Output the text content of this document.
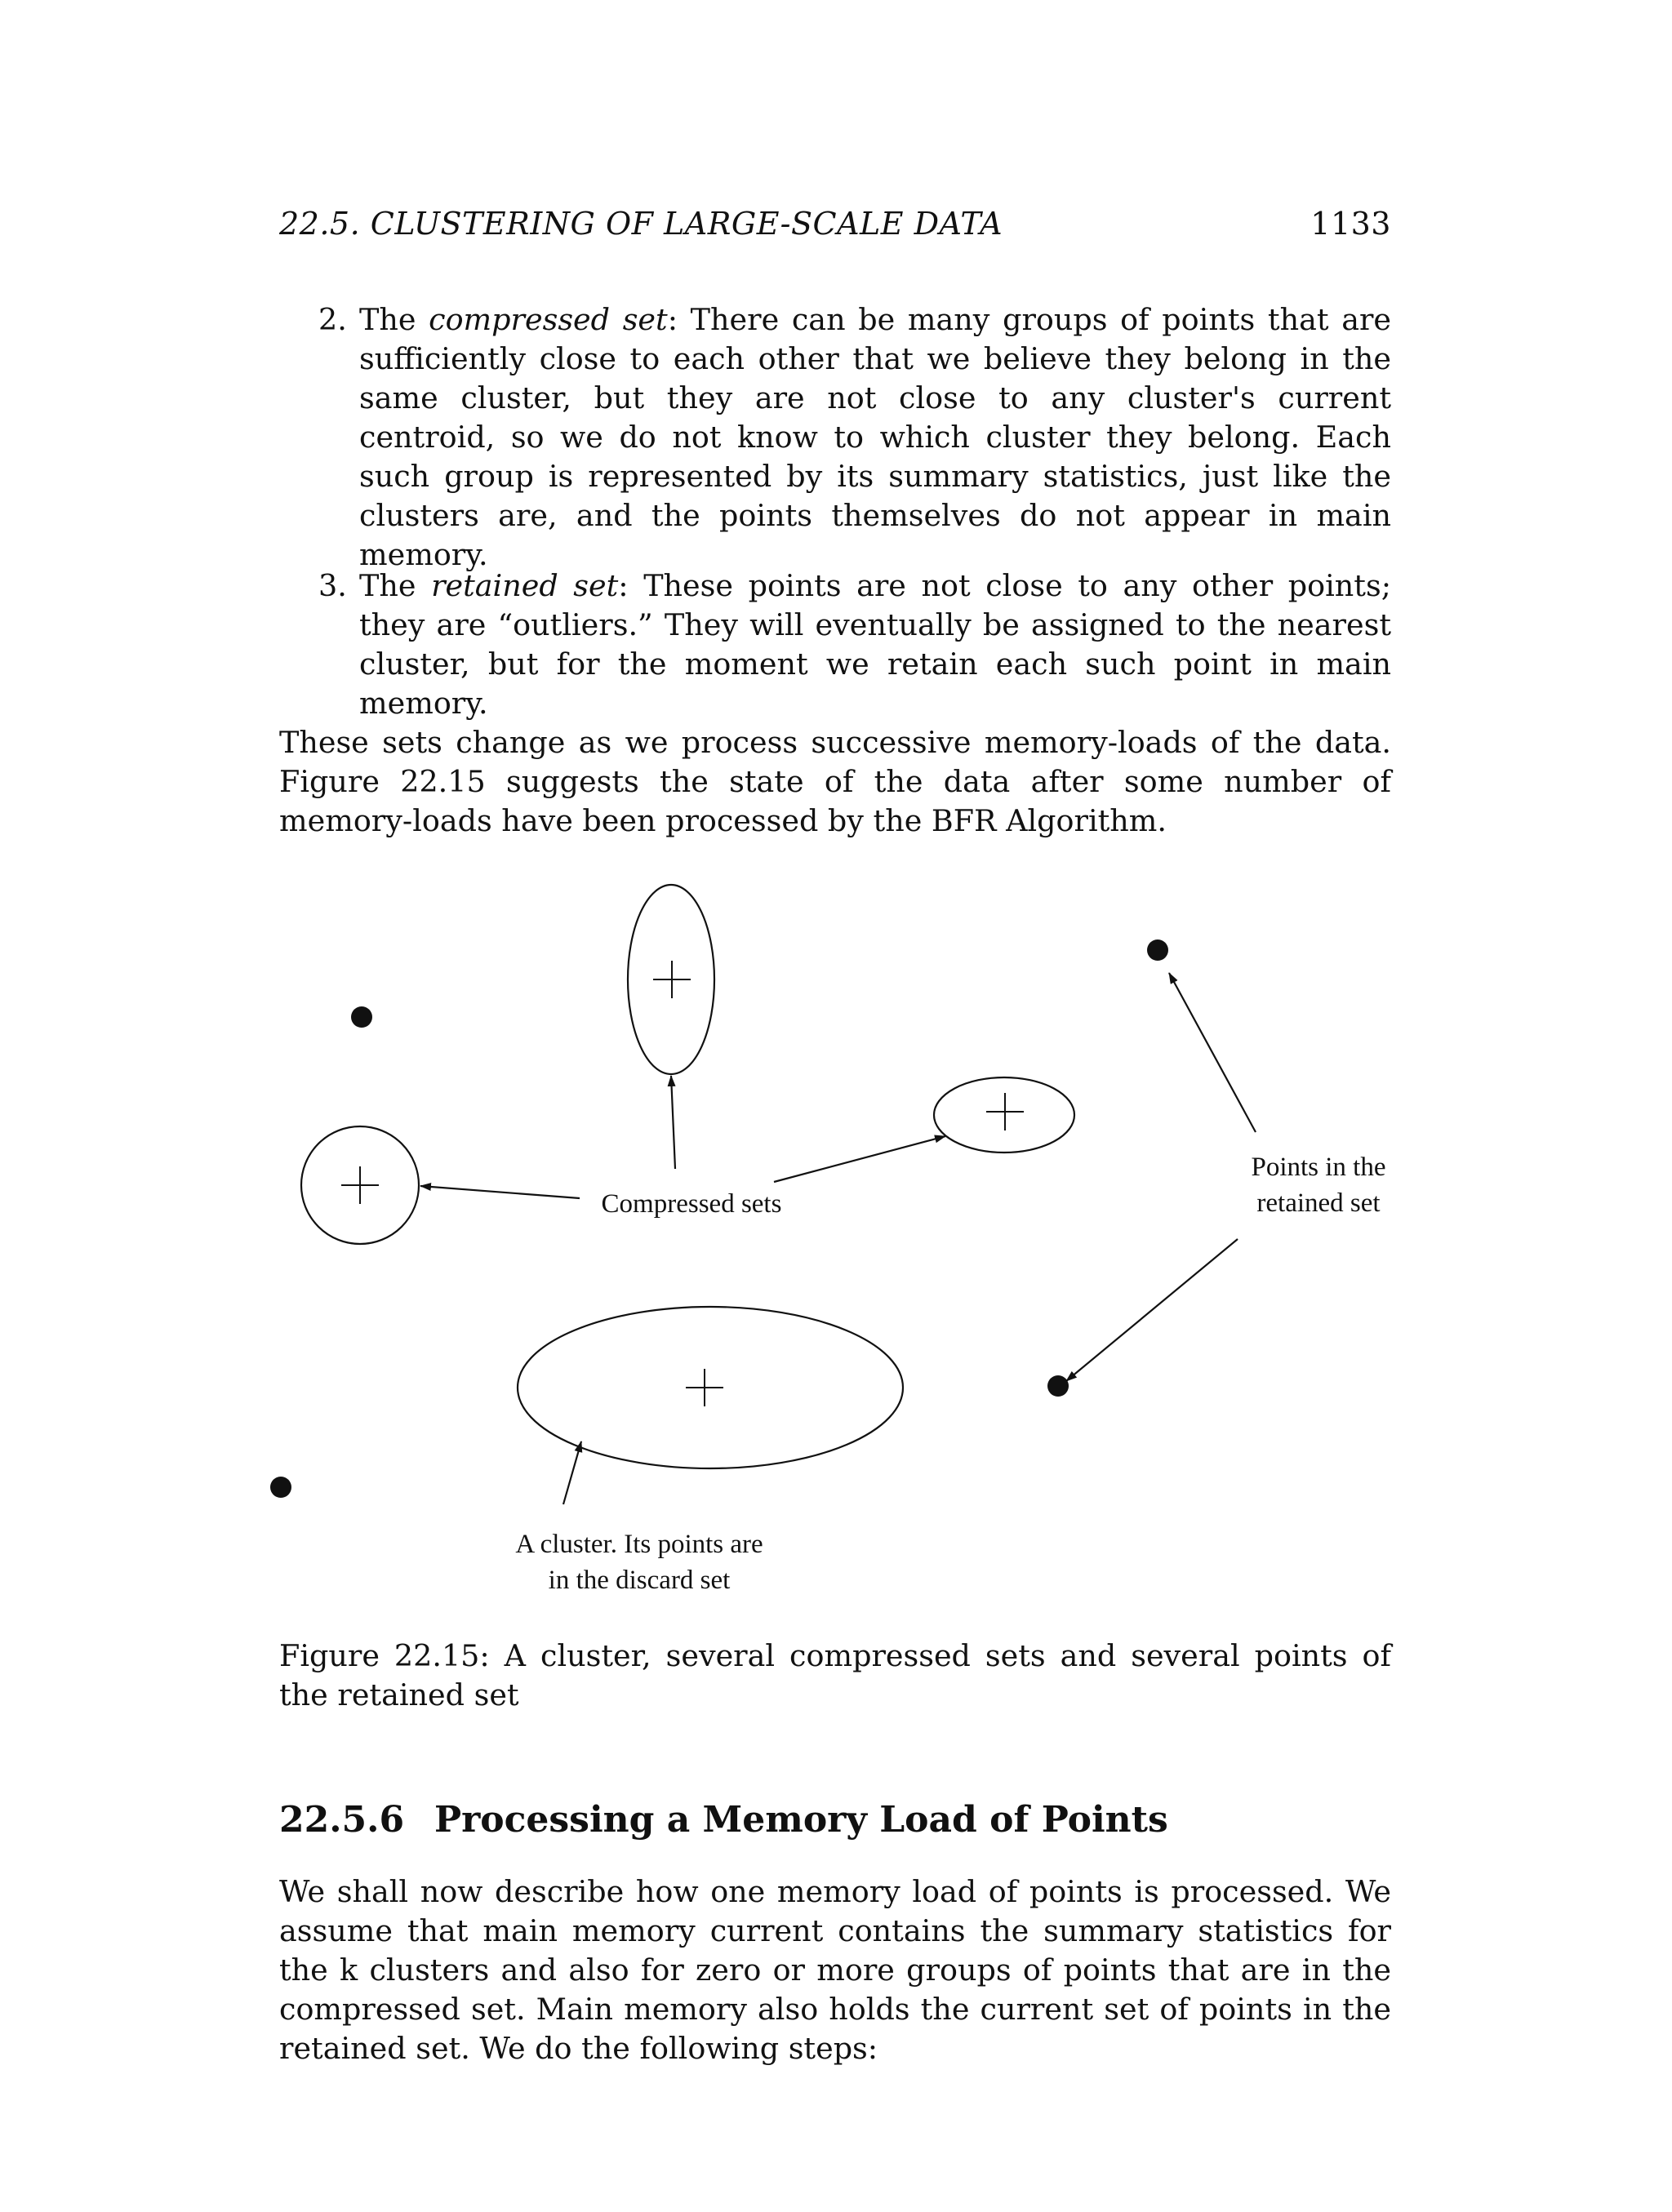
22.5. CLUSTERING OF LARGE-SCALE DATA	1133
2. The compressed set: There can be many groups of points that are sufficiently close to each other that we believe they belong in the same cluster, but they are not close to any cluster's current centroid, so we do not know to which cluster they belong. Each such group is represented by its summary statistics, just like the clusters are, and the points themselves do not appear in main memory.
3. The retained set: These points are not close to any other points; they are “outliers.” They will eventually be assigned to the nearest cluster, but for the moment we retain each such point in main memory.
These sets change as we process successive memory-loads of the data. Figure 22.15 suggests the state of the data after some number of memory-loads have been processed by the BFR Algorithm.
Compressed sets
Points in the
retained set
A cluster. Its points are
in the discard set
Figure 22.15: A cluster, several compressed sets and several points of the retained set
22.5.6 Processing a Memory Load of Points
We shall now describe how one memory load of points is processed. We assume that main memory current contains the summary statistics for the k clusters and also for zero or more groups of points that are in the compressed set. Main memory also holds the current set of points in the retained set. We do the following steps:
